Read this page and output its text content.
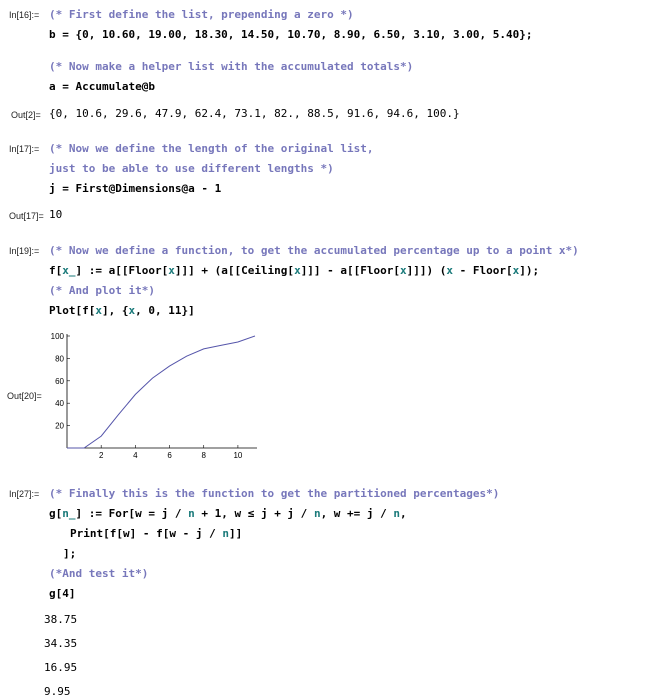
In[16]:= (* First define the list, prepending a zero *)
b = {0, 10.60, 19.00, 18.30, 14.50, 10.70, 8.90, 6.50, 3.10, 3.00, 5.40};
(* Now make a helper list with the accumulated totals*)
a = Accumulate@b
Out[2]= {0, 10.6, 29.6, 47.9, 62.4, 73.1, 82., 88.5, 91.6, 94.6, 100.}
In[17]:= (* Now we define the length of the original list,
just to be able to use different lengths *)
j = First@Dimensions@a - 1
Out[17]= 10
In[19]:= (* Now we define a function, to get the accumulated percentage up to a point x*)
f[x_] := a[[Floor[x]]] + (a[[Ceiling[x]]] - a[[Floor[x]]]) (x - Floor[x]);
(* And plot it*)
Plot[f[x], {x, 0, 11}]
Out[20]=
2	4	6	8	10
20
40
60
80
100
In[27]:= (* Finally this is the function to get the partitioned percentages*)
g[n_] := For[w = j / n + 1, w ≤ j + j / n, w += j / n,
Print[f[w] - f[w - j / n]]
];
(*And test it*)
g[4]
38.75
34.35
16.95
9.95
